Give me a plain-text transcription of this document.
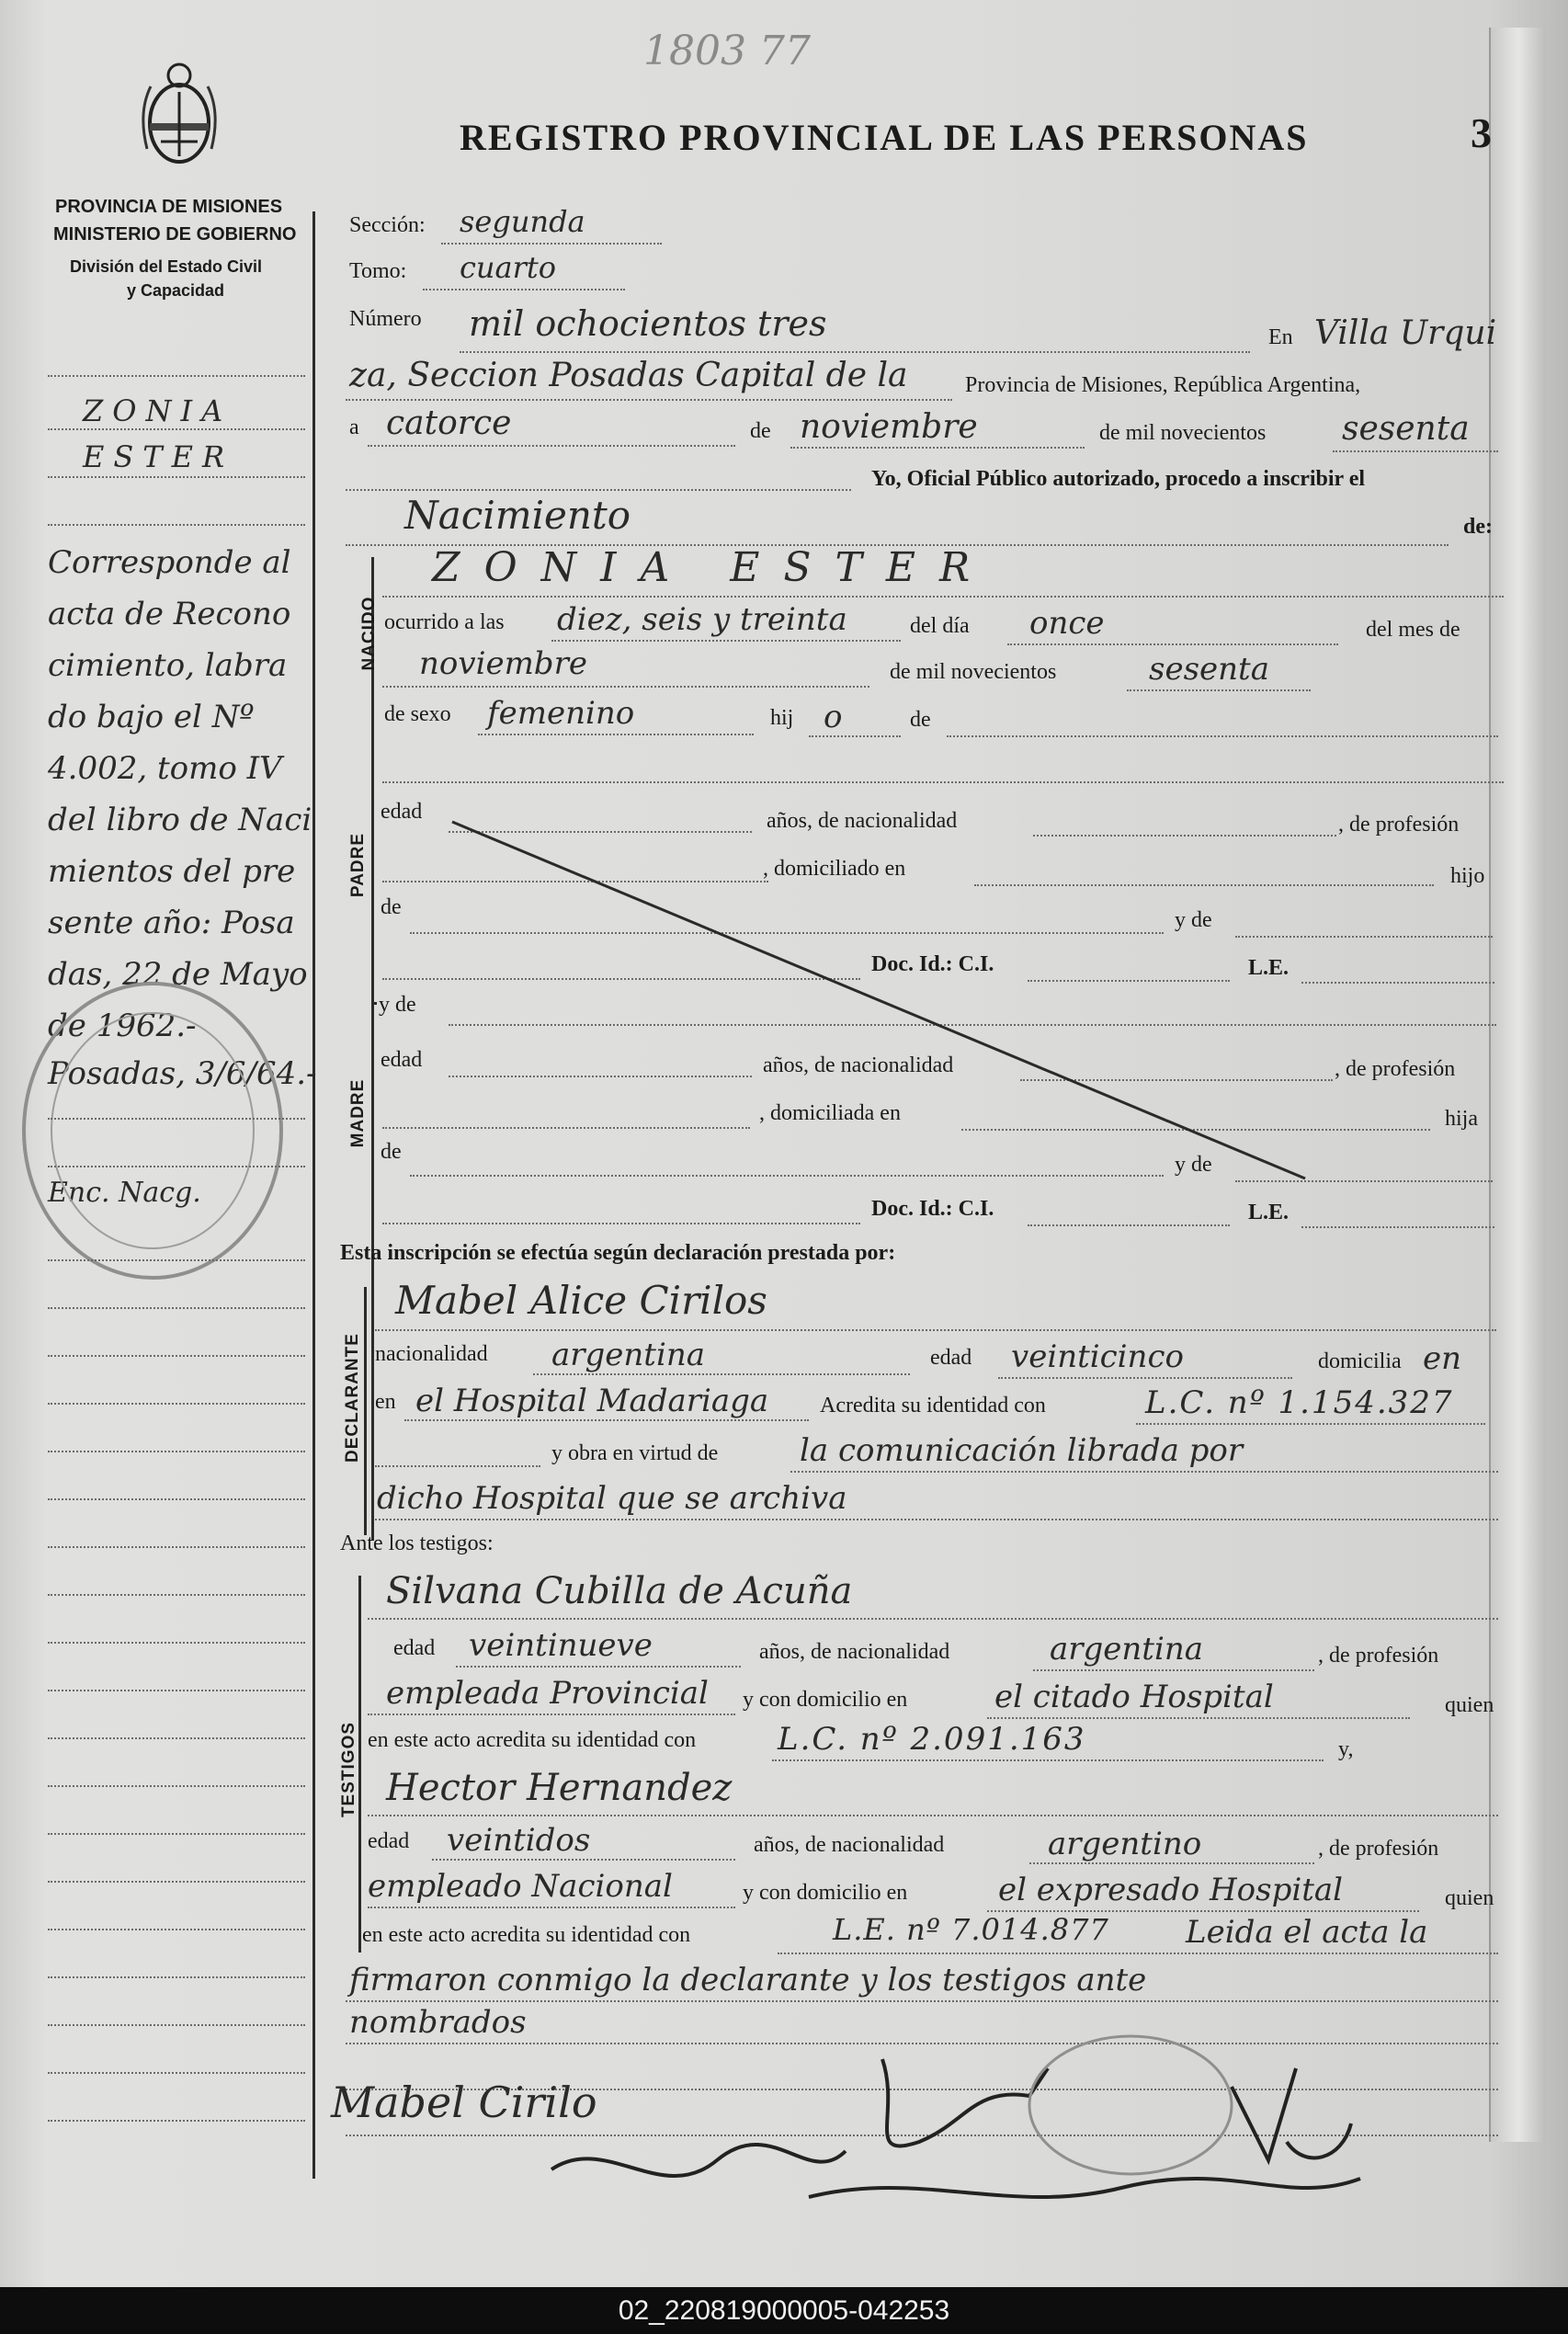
PROVINCIA DE MISIONES
MINISTERIO DE GOBIERNO
División del Estado Civil
y Capacidad
REGISTRO PROVINCIAL DE LAS PERSONAS	3
1803 77
ZONIA
ESTER
Corresponde al
acta de Recono
cimiento, labra
do bajo el Nº
4.002, tomo IV
del libro de Naci
mientos del pre
sente año: Posa
das, 22 de Mayo
de 1962.-
Posadas, 3/6/64.-
Enc. Nacg.
Sección: segunda
Tomo: cuarto
Número mil ochocientos tres	En Villa Urqui
za, Seccion Posadas Capital de la	Provincia de Misiones, República Argentina,
a catorce	de noviembre	de mil novecientos sesenta
Yo, Oficial Público autorizado, procedo a inscribir el
Nacimiento	de:
NACIDO
ZONIA ESTER
ocurrido a las diez, seis y treinta	del día once	del mes de
noviembre	de mil novecientos	sesenta
de sexo femenino	hij o	de
PADRE
edad	años, de nacionalidad	, de profesión
, domiciliado en	hijo
de
y de
Doc. Id.: C.I.	L.E.
y de
MADRE
edad	años, de nacionalidad	, de profesión
, domiciliada en	hija
de
y de
Doc. Id.: C.I.	L.E.
Esta inscripción se efectúa según declaración prestada por:
DECLARANTE
Mabel Alice Cirilos
nacionalidad argentina	edad veinticinco	domicilia en
en el Hospital Madariaga Acredita su identidad con	L.C. nº 1.154.327
y obra en virtud de	la comunicación librada por
dicho Hospital que se archiva
Ante los testigos:
TESTIGOS
Silvana Cubilla de Acuña
edad veintinueve	años, de nacionalidad	argentina	, de profesión
empleada Provincial y con domicilio en	el citado Hospital	quien
en este acto acredita su identidad con	L.C. nº 2.091.163	y,
Hector Hernandez
edad veintidos	años, de nacionalidad	argentino	, de profesión
empleado Nacional	y con domicilio en	el expresado Hospital	quien
en este acto acredita su identidad con	L.E. nº 7.014.877 Leida el acta la
firmaron conmigo la declarante y los testigos ante
nombrados
Mabel Cirilo
02_220819000005-042253
